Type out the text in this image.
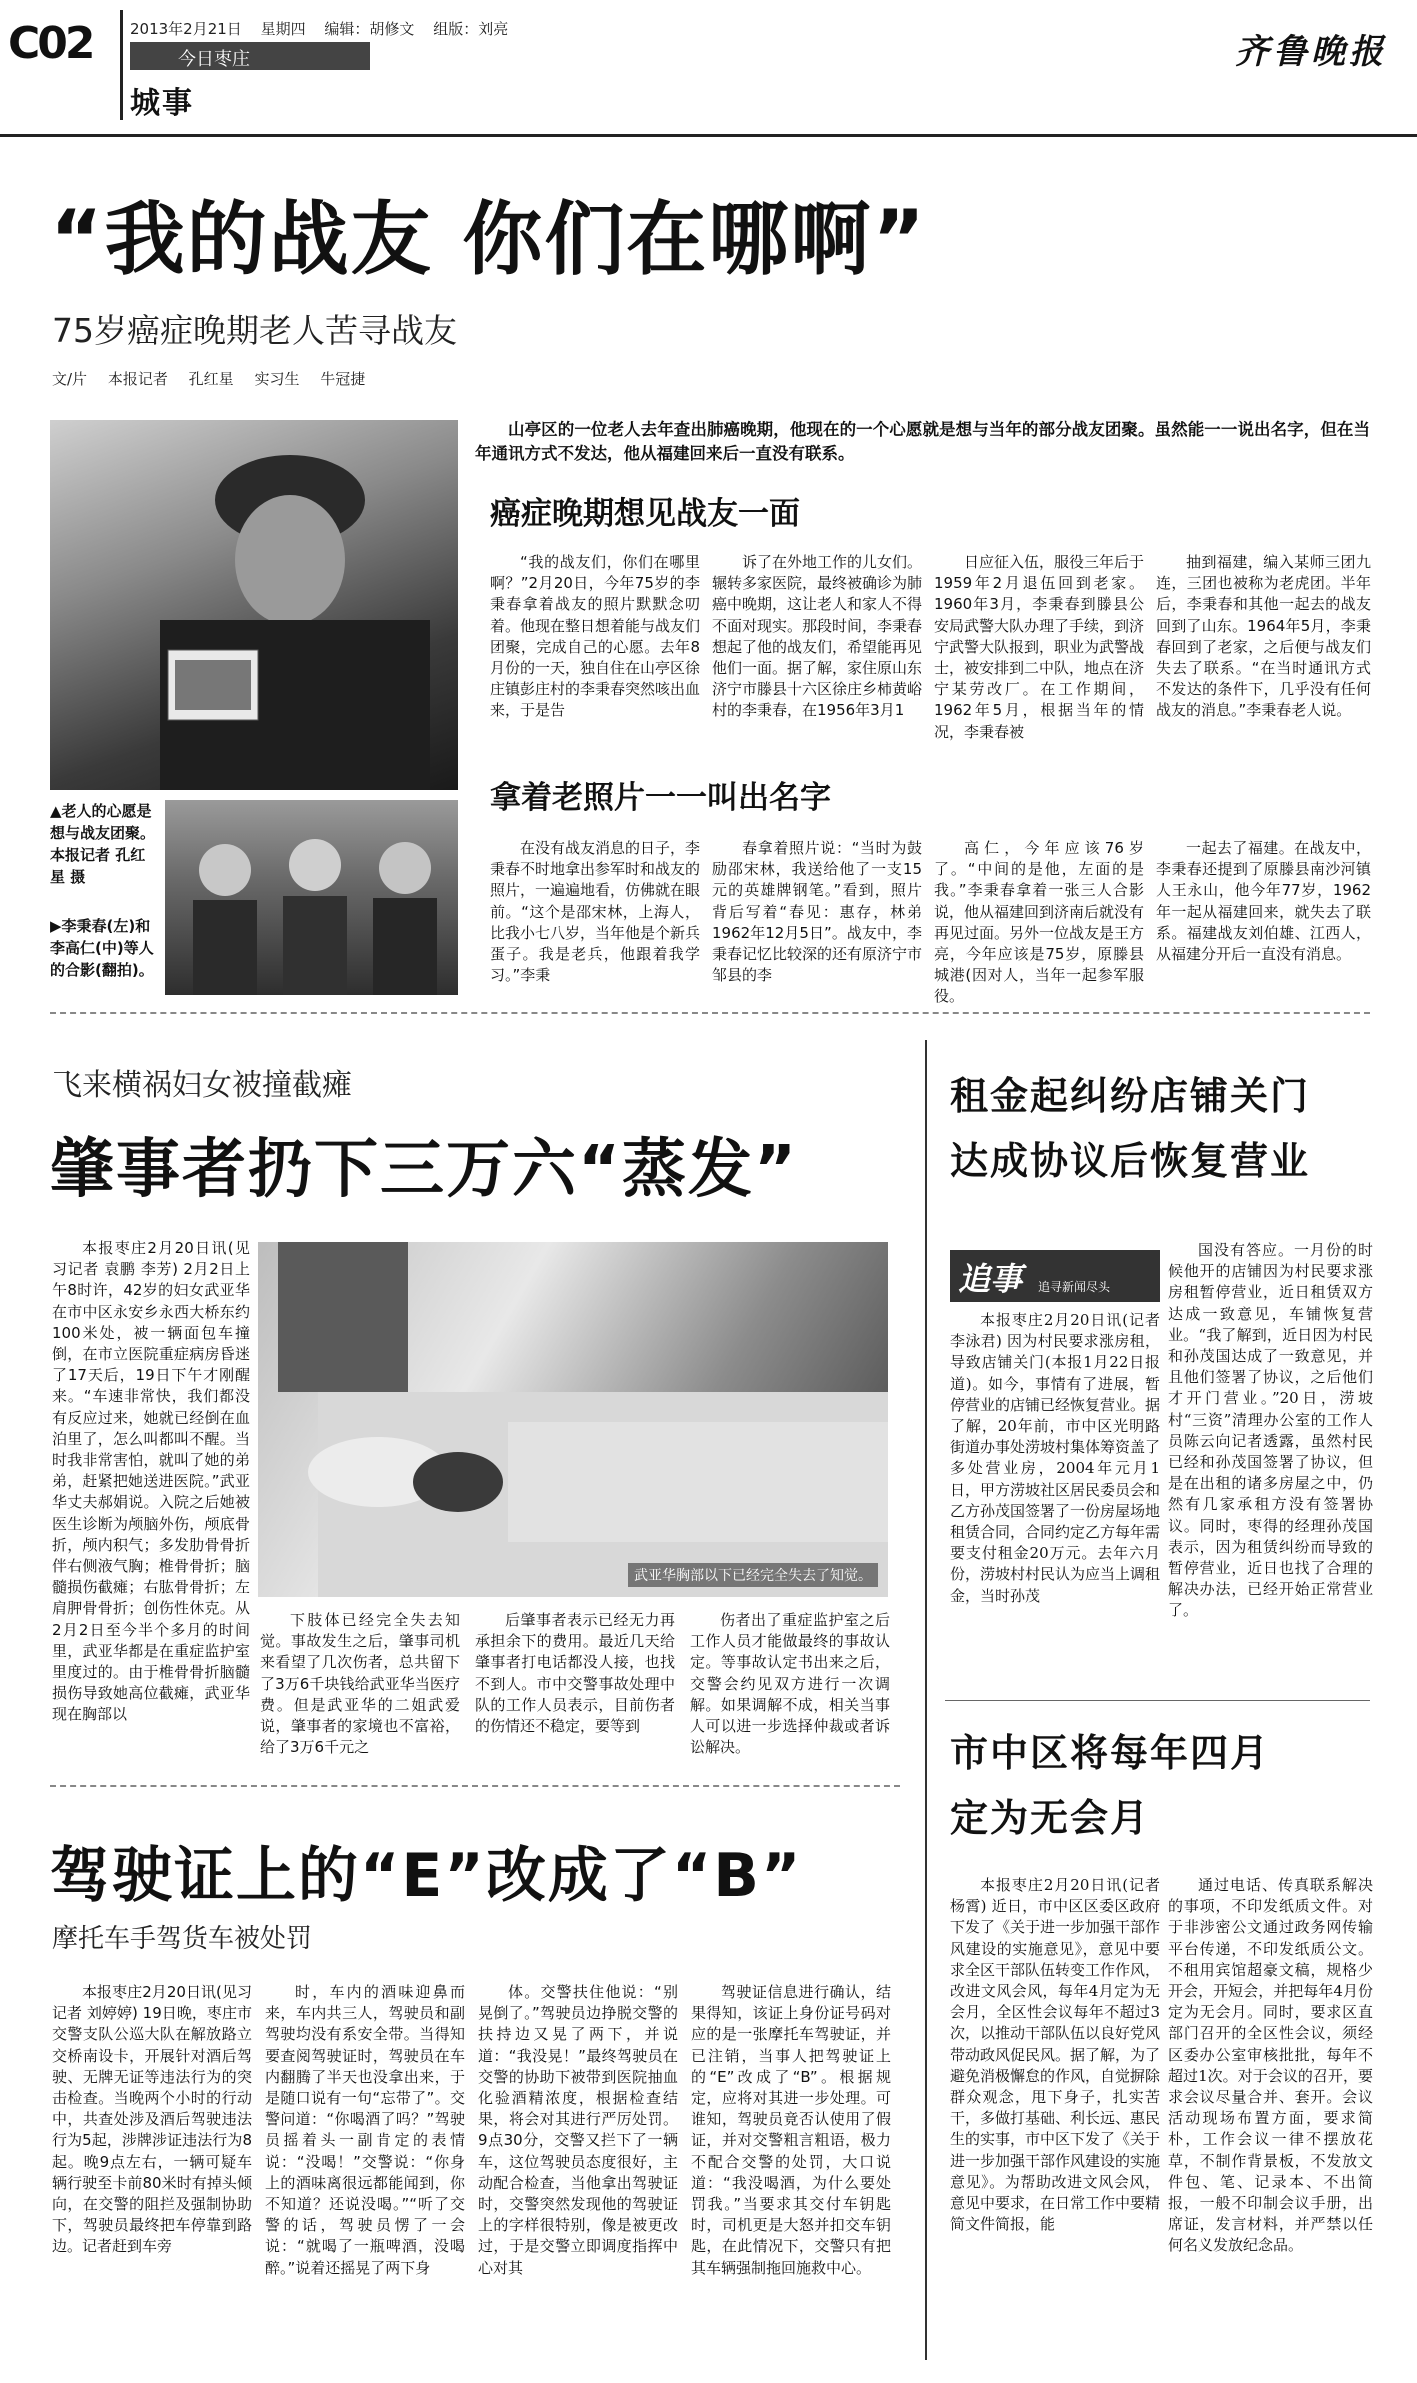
C02	2013年2月21日 星期四 编辑：胡修文 组版：刘亮
今日枣庄
城事
齐鲁晚报
“我的战友 你们在哪啊”
75岁癌症晚期老人苦寻战友
文/片 本报记者 孔红星 实习生 牛冠捷
▲老人的心愿是想与战友团聚。本报记者 孔红星 摄
▶李秉春(左)和李高仁(中)等人的合影(翻拍)。
山亭区的一位老人去年查出肺癌晚期，他现在的一个心愿就是想与当年的部分战友团聚。虽然能一一说出名字，但在当年通讯方式不发达，他从福建回来后一直没有联系。
癌症晚期想见战友一面

“我的战友们，你们在哪里啊？”2月20日，今年75岁的李秉春拿着战友的照片默默念叨着。他现在整日想着能与战友们团聚，完成自己的心愿。去年8月份的一天，独自住在山亭区徐庄镇彭庄村的李秉春突然咳出血来，于是告

诉了在外地工作的儿女们。辗转多家医院，最终被确诊为肺癌中晚期，这让老人和家人不得不面对现实。那段时间，李秉春想起了他的战友们，希望能再见他们一面。据了解，家住原山东济宁市滕县十六区徐庄乡柿黄峪村的李秉春，在1956年3月1

日应征入伍，服役三年后于1959年2月退伍回到老家。1960年3月，李秉春到滕县公安局武警大队办理了手续，到济宁武警大队报到，职业为武警战士，被安排到二中队，地点在济宁某劳改厂。在工作期间，1962年5月，根据当年的情况，李秉春被

抽到福建，编入某师三团九连，三团也被称为老虎团。半年后，李秉春和其他一起去的战友回到了山东。1964年5月，李秉春回到了老家，之后便与战友们失去了联系。“在当时通讯方式不发达的条件下，几乎没有任何战友的消息。”李秉春老人说。

拿着老照片一一叫出名字

在没有战友消息的日子，李秉春不时地拿出参军时和战友的照片，一遍遍地看，仿佛就在眼前。“这个是邵宋林，上海人，比我小七八岁，当年他是个新兵蛋子。我是老兵，他跟着我学习。”李秉

春拿着照片说：“当时为鼓励邵宋林，我送给他了一支15元的英雄牌钢笔。”看到，照片背后写着“春见：惠存，林弟1962年12月5日”。战友中，李秉春记忆比较深的还有原济宁市邹县的李

高仁，今年应该76岁了。“中间的是他，左面的是我。”李秉春拿着一张三人合影说，他从福建回到济南后就没有再见过面。另外一位战友是王方亮，今年应该是75岁，原滕县城港(因对人，当年一起参军服役。

一起去了福建。在战友中，李秉春还提到了原滕县南沙河镇人王永山，他今年77岁，1962年一起从福建回来，就失去了联系。福建战友刘伯雄、江西人，从福建分开后一直没有消息。

飞来横祸妇女被撞截瘫
肇事者扔下三万六“蒸发”

本报枣庄2月20日讯(见习记者 袁鹏 李芳) 2月2日上午8时许，42岁的妇女武亚华在市中区永安乡永西大桥东约100米处，被一辆面包车撞倒，在市立医院重症病房昏迷了17天后，19日下午才刚醒来。“车速非常快，我们都没有反应过来，她就已经倒在血泊里了，怎么叫都叫不醒。当时我非常害怕，就叫了她的弟弟，赶紧把她送进医院。”武亚华丈夫郝娟说。入院之后她被医生诊断为颅脑外伤，颅底骨折，颅内积气；多发肋骨骨折伴右侧液气胸；椎骨骨折；脑髓损伤截瘫；右肱骨骨折；左肩胛骨骨折；创伤性休克。从2月2日至今半个多月的时间里，武亚华都是在重症监护室里度过的。由于椎骨骨折脑髓损伤导致她高位截瘫，武亚华现在胸部以

武亚华胸部以下已经完全失去了知觉。

下肢体已经完全失去知觉。事故发生之后，肇事司机来看望了几次伤者，总共留下了3万6千块钱给武亚华当医疗费。但是武亚华的二姐武爱说，肇事者的家境也不富裕，给了3万6千元之

后肇事者表示已经无力再承担余下的费用。最近几天给肇事者打电话都没人接，也找不到人。市中交警事故处理中队的工作人员表示，目前伤者的伤情还不稳定，要等到

伤者出了重症监护室之后工作人员才能做最终的事故认定。等事故认定书出来之后，交警会约见双方进行一次调解。如果调解不成，相关当事人可以进一步选择仲裁或者诉讼解决。

驾驶证上的“E”改成了“B”
摩托车手驾货车被处罚

本报枣庄2月20日讯(见习记者 刘婷婷) 19日晚，枣庄市交警支队公巡大队在解放路立交桥南设卡，开展针对酒后驾驶、无牌无证等违法行为的突击检查。当晚两个小时的行动中，共查处涉及酒后驾驶违法行为5起，涉牌涉证违法行为8起。晚9点左右，一辆可疑车辆行驶至卡前80米时有掉头倾向，在交警的阻拦及强制协助下，驾驶员最终把车停靠到路边。记者赶到车旁

时，车内的酒味迎鼻而来，车内共三人，驾驶员和副驾驶均没有系安全带。当得知要查阅驾驶证时，驾驶员在车内翻腾了半天也没拿出来，于是随口说有一句“忘带了”。交警问道：“你喝酒了吗？”驾驶员摇着头一副肯定的表情说：“没喝！”交警说：“你身上的酒味离很远都能闻到，你不知道？还说没喝。”“听了交警的话，驾驶员愣了一会说：“就喝了一瓶啤酒，没喝醉。”说着还摇晃了两下身

体。交警扶住他说：“别晃倒了。”驾驶员边挣脱交警的扶持边又晃了两下，并说道：“我没晃！”最终驾驶员在交警的协助下被带到医院抽血化验酒精浓度，根据检查结果，将会对其进行严厉处罚。9点30分，交警又拦下了一辆车，这位驾驶员态度很好，主动配合检查，当他拿出驾驶证时，交警突然发现他的驾驶证上的字样很特别，像是被更改过，于是交警立即调度指挥中心对其

驾驶证信息进行确认，结果得知，该证上身份证号码对应的是一张摩托车驾驶证，并已注销，当事人把驾驶证上的“E”改成了“B”。根据规定，应将对其进一步处理。可谁知，驾驶员竟否认使用了假证，并对交警粗言粗语，极力不配合交警的处罚，大口说道：“我没喝酒，为什么要处罚我。”当要求其交付车钥匙时，司机更是大怒并扣交车钥匙，在此情况下，交警只有把其车辆强制拖回施救中心。

租金起纠纷店铺关门
达成协议后恢复营业
追事 追寻新闻尽头

本报枣庄2月20日讯(记者 李泳君) 因为村民要求涨房租，导致店铺关门(本报1月22日报道)。如今，事情有了进展，暂停营业的店铺已经恢复营业。据了解，20年前，市中区光明路街道办事处涝坡村集体筹资盖了多处营业房，2004年元月1日，甲方涝坡社区居民委员会和乙方孙茂国签署了一份房屋场地租赁合同，合同约定乙方每年需要支付租金20万元。去年六月份，涝坡村村民认为应当上调租金，当时孙茂

国没有答应。一月份的时候他开的店铺因为村民要求涨房租暂停营业，近日租赁双方达成一致意见，车铺恢复营业。“我了解到，近日因为村民和孙茂国达成了一致意见，并且他们签署了协议，之后他们才开门营业。”20日，涝坡村“三资”清理办公室的工作人员陈云向记者透露，虽然村民已经和孙茂国签署了协议，但是在出租的诸多房屋之中，仍然有几家承租方没有签署协议。同时，枣得的经理孙茂国表示，因为租赁纠纷而导致的暂停营业，近日也找了合理的解决办法，已经开始正常营业了。

市中区将每年四月
定为无会月

本报枣庄2月20日讯(记者 杨霄) 近日，市中区区委区政府下发了《关于进一步加强干部作风建设的实施意见》，意见中要求全区干部队伍转变工作作风，改进文风会风，每年4月定为无会月，全区性会议每年不超过3次，以推动干部队伍以良好党风带动政风促民风。据了解，为了避免消极懈怠的作风，自觉摒除群众观念，甩下身子，扎实苦干，多做打基础、利长远、惠民生的实事，市中区下发了《关于进一步加强干部作风建设的实施意见》。为帮助改进文风会风，意见中要求，在日常工作中要精简文件简报，能

通过电话、传真联系解决的事项，不印发纸质文件。对于非涉密公文通过政务网传输平台传递，不印发纸质公文。不租用宾馆超豪文稿，规格少开会，开短会，并把每年4月份定为无会月。同时，要求区直部门召开的全区性会议，须经区委办公室审核批批，每年不超过1次。对于会议的召开，要求会议尽量合并、套开。会议活动现场布置方面，要求简朴，工作会议一律不摆放花草，不制作背景板，不发放文件包、笔、记录本、不出简报，一般不印制会议手册，出席证，发言材料，并严禁以任何名义发放纪念品。
